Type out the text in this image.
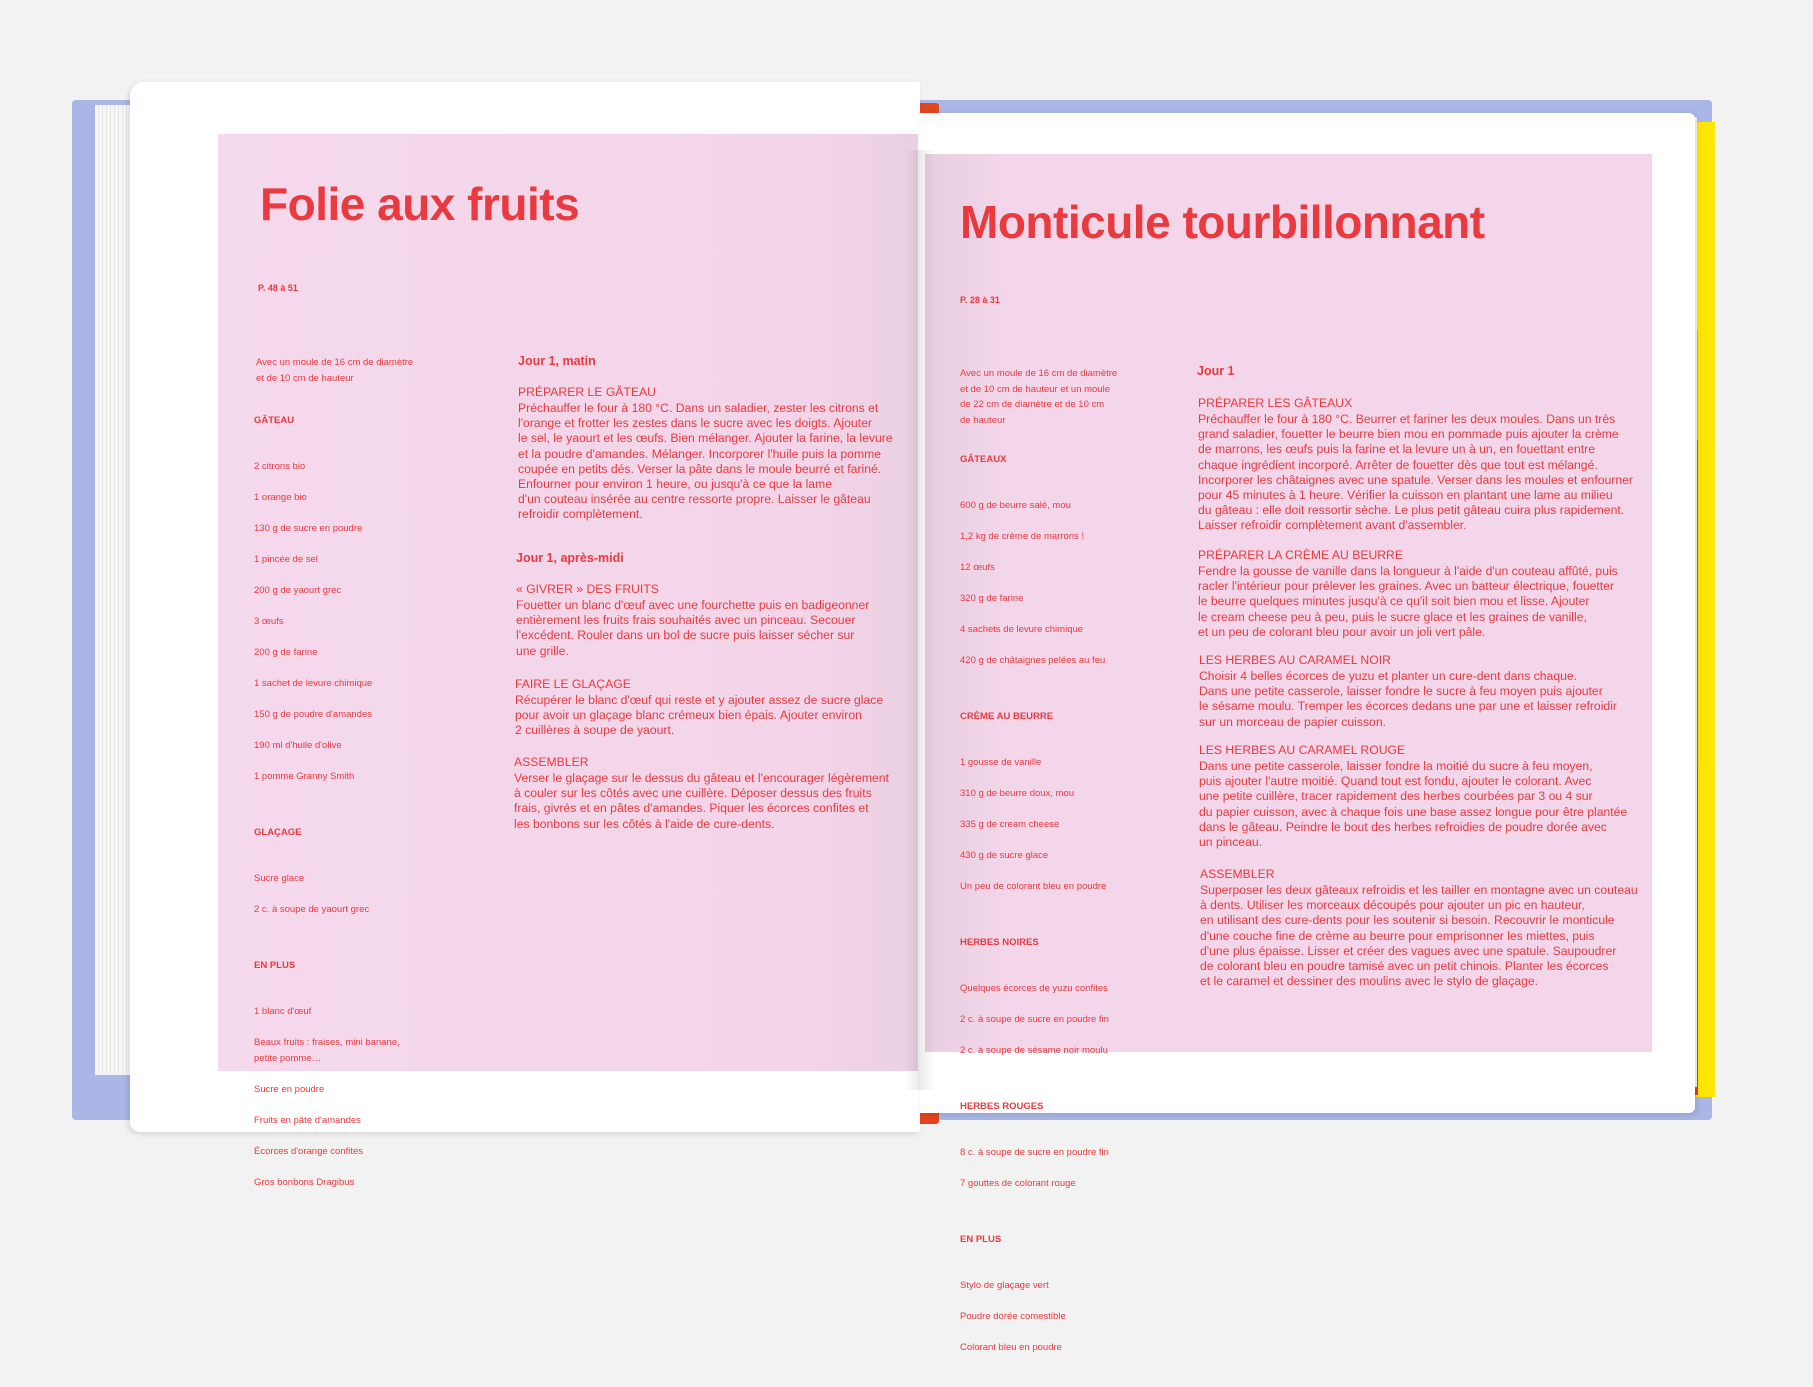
Folie aux fruits
P. 48 à 51
Avec un moule de 16 cm de diamètre
et de 10 cm de hauteur

GÂTEAU

2 citrons bio

1 orange bio

130 g de sucre en poudre

1 pincée de sel

200 g de yaourt grec

3 œufs

200 g de farine

1 sachet de levure chimique

150 g de poudre d'amandes

190 ml d'huile d'olive

1 pomme Granny Smith

GLAÇAGE

Sucre glace

2 c. à soupe de yaourt grec

EN PLUS

1 blanc d'œuf

Beaux fruits : fraises, mini banane,
petite pomme…

Sucre en poudre

Fruits en pâte d'amandes

Écorces d'orange confites

Gros bonbons Dragibus

Jour 1, matin
PRÉPARER LE GÂTEAU
Préchauffer le four à 180 °C. Dans un saladier, zester les citrons et
l'orange et frotter les zestes dans le sucre avec les doigts. Ajouter
le sel, le yaourt et les œufs. Bien mélanger. Ajouter la farine, la levure
et la poudre d'amandes. Mélanger. Incorporer l'huile puis la pomme
coupée en petits dés. Verser la pâte dans le moule beurré et fariné.
Enfourner pour environ 1 heure, ou jusqu'à ce que la lame
d'un couteau insérée au centre ressorte propre. Laisser le gâteau
refroidir complètement.
Jour 1, après-midi
« GIVRER » DES FRUITS
Fouetter un blanc d'œuf avec une fourchette puis en badigeonner
entièrement les fruits frais souhaités avec un pinceau. Secouer
l'excédent. Rouler dans un bol de sucre puis laisser sécher sur
une grille.
FAIRE LE GLAÇAGE
Récupérer le blanc d'œuf qui reste et y ajouter assez de sucre glace
pour avoir un glaçage blanc crémeux bien épais. Ajouter environ
2 cuillères à soupe de yaourt.
ASSEMBLER
Verser le glaçage sur le dessus du gâteau et l'encourager légèrement
à couler sur les côtés avec une cuillère. Déposer dessus des fruits
frais, givrés et en pâtes d'amandes. Piquer les écorces confites et
les bonbons sur les côtés à l'aide de cure-dents.
Monticule tourbillonnant
P. 28 à 31
Avec un moule de 16 cm de diamètre
et de 10 cm de hauteur et un moule
de 22 cm de diamètre et de 10 cm
de hauteur

GÂTEAUX

600 g de beurre salé, mou

1,2 kg de crème de marrons !

12 œufs

320 g de farine

4 sachets de levure chimique

420 g de châtaignes pelées au feu

CRÈME AU BEURRE

1 gousse de vanille

310 g de beurre doux, mou

335 g de cream cheese

430 g de sucre glace

Un peu de colorant bleu en poudre

HERBES NOIRES

Quelques écorces de yuzu confites

2 c. à soupe de sucre en poudre fin

2 c. à soupe de sésame noir moulu

HERBES ROUGES

8 c. à soupe de sucre en poudre fin

7 gouttes de colorant rouge

EN PLUS

Stylo de glaçage vert

Poudre dorée comestible

Colorant bleu en poudre

Jour 1
PRÉPARER LES GÂTEAUX
Préchauffer le four à 180 °C. Beurrer et fariner les deux moules. Dans un très
grand saladier, fouetter le beurre bien mou en pommade puis ajouter la crème
de marrons, les œufs puis la farine et la levure un à un, en fouettant entre
chaque ingrédient incorporé. Arrêter de fouetter dès que tout est mélangé.
Incorporer les châtaignes avec une spatule. Verser dans les moules et enfourner
pour 45 minutes à 1 heure. Vérifier la cuisson en plantant une lame au milieu
du gâteau : elle doit ressortir sèche. Le plus petit gâteau cuira plus rapidement.
Laisser refroidir complètement avant d'assembler.
PRÉPARER LA CRÈME AU BEURRE
Fendre la gousse de vanille dans la longueur à l'aide d'un couteau affûté, puis
racler l'intérieur pour prélever les graines. Avec un batteur électrique, fouetter
le beurre quelques minutes jusqu'à ce qu'il soit bien mou et lisse. Ajouter
le cream cheese peu à peu, puis le sucre glace et les graines de vanille,
et un peu de colorant bleu pour avoir un joli vert pâle.
LES HERBES AU CARAMEL NOIR
Choisir 4 belles écorces de yuzu et planter un cure-dent dans chaque.
Dans une petite casserole, laisser fondre le sucre à feu moyen puis ajouter
le sésame moulu. Tremper les écorces dedans une par une et laisser refroidir
sur un morceau de papier cuisson.
LES HERBES AU CARAMEL ROUGE
Dans une petite casserole, laisser fondre la moitié du sucre à feu moyen,
puis ajouter l'autre moitié. Quand tout est fondu, ajouter le colorant. Avec
une petite cuillère, tracer rapidement des herbes courbées par 3 ou 4 sur
du papier cuisson, avec à chaque fois une base assez longue pour être plantée
dans le gâteau. Peindre le bout des herbes refroidies de poudre dorée avec
un pinceau.
ASSEMBLER
Superposer les deux gâteaux refroidis et les tailler en montagne avec un couteau
à dents. Utiliser les morceaux découpés pour ajouter un pic en hauteur,
en utilisant des cure-dents pour les soutenir si besoin. Recouvrir le monticule
d'une couche fine de crème au beurre pour emprisonner les miettes, puis
d'une plus épaisse. Lisser et créer des vagues avec une spatule. Saupoudrer
de colorant bleu en poudre tamisé avec un petit chinois. Planter les écorces
et le caramel et dessiner des moulins avec le stylo de glaçage.
